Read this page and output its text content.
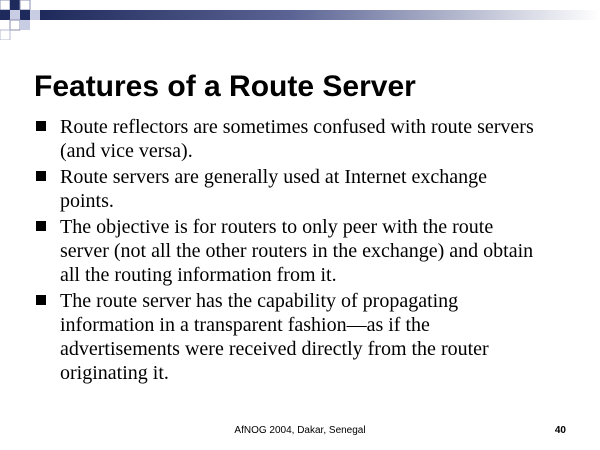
Features of a Route Server
Route reflectors are sometimes confused with route servers (and vice versa).
Route servers are generally used at Internet exchange points.
The objective is for routers to only peer with the route server (not all the other routers in the exchange) and obtain all the routing information from it.
The route server has the capability of propagating information in a transparent fashion—as if the advertisements were received directly from the router originating it.
AfNOG 2004, Dakar, Senegal	40
